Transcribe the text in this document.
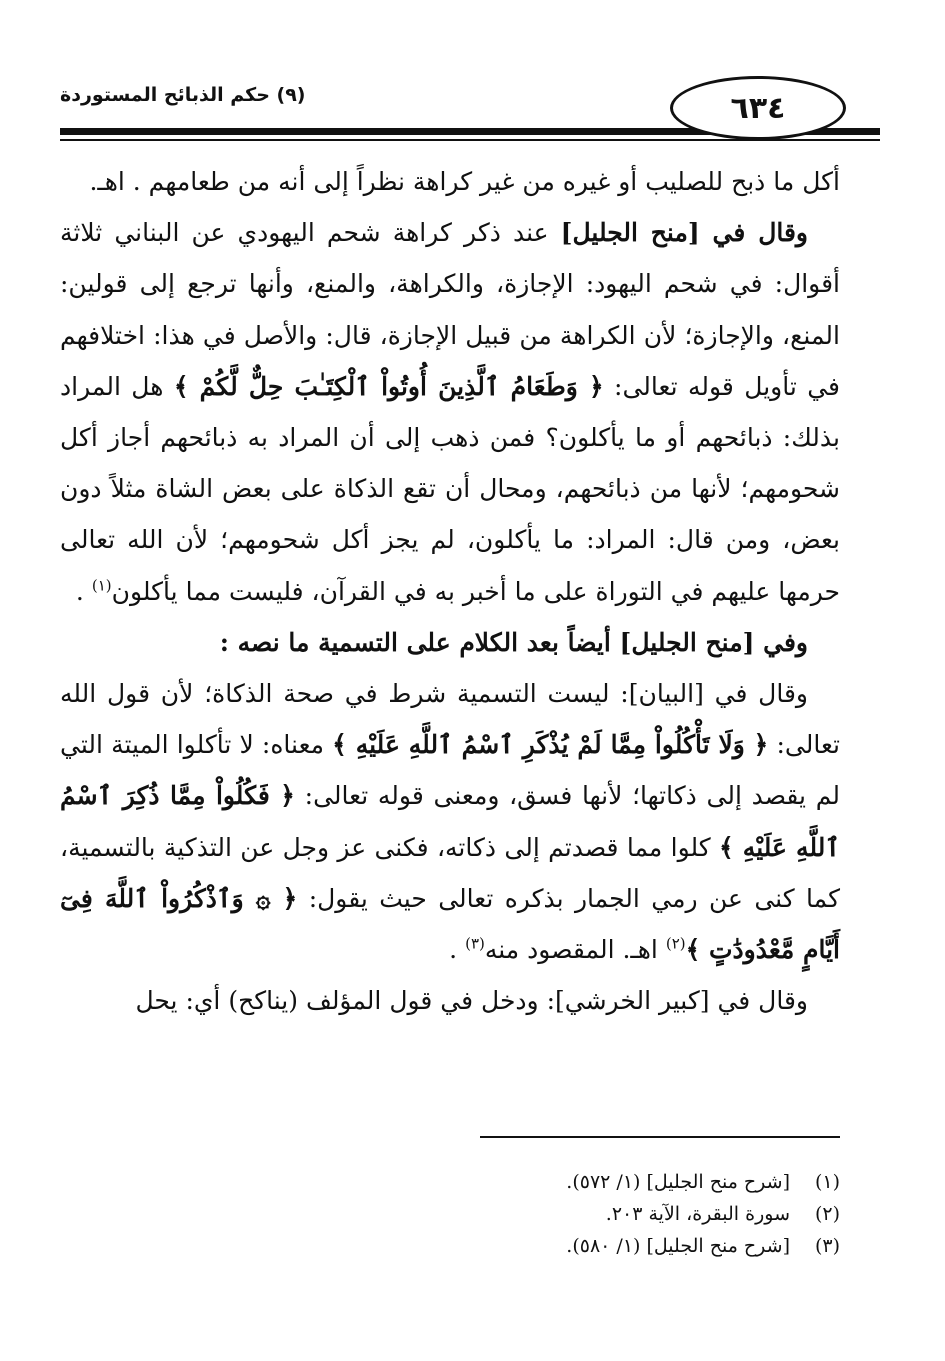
(٩) حكم الذبائح المستوردة	٦٣٤

أكل ما ذبح للصليب أو غيره من غير كراهة نظراً إلى أنه من طعامهم . اهـ.

وقال في [منح الجليل] عند ذكر كراهة شحم اليهودي عن البناني ثلاثة أقوال: في شحم اليهود: الإجازة، والكراهة، والمنع، وأنها ترجع إلى قولين: المنع، والإجازة؛ لأن الكراهة من قبيل الإجازة، قال: والأصل في هذا: اختلافهم في تأويل قوله تعالى: ﴿ وَطَعَامُ ٱلَّذِينَ أُوتُواْ ٱلْكِتَـٰبَ حِلٌّ لَّكُمْ ﴾ هل المراد بذلك: ذبائحهم أو ما يأكلون؟ فمن ذهب إلى أن المراد به ذبائحهم أجاز أكل شحومهم؛ لأنها من ذبائحهم، ومحال أن تقع الذكاة على بعض الشاة مثلاً دون بعض، ومن قال: المراد: ما يأكلون، لم يجز أكل شحومهم؛ لأن الله تعالى حرمها عليهم في التوراة على ما أخبر به في القرآن، فليست مما يأكلون$^{(١)}$ .

وفي [منح الجليل] أيضاً بعد الكلام على التسمية ما نصه :

وقال في [البيان]: ليست التسمية شرط في صحة الذكاة؛ لأن قول الله تعالى: ﴿ وَلَا تَأْكُلُواْ مِمَّا لَمْ يُذْكَرِ ٱسْمُ ٱللَّهِ عَلَيْهِ ﴾ معناه: لا تأكلوا الميتة التي لم يقصد إلى ذكاتها؛ لأنها فسق، ومعنى قوله تعالى: ﴿ فَكُلُواْ مِمَّا ذُكِرَ ٱسْمُ ٱللَّهِ عَلَيْهِ ﴾ كلوا مما قصدتم إلى ذكاته، فكنى عز وجل عن التذكية بالتسمية، كما كنى عن رمي الجمار بذكره تعالى حيث يقول: ﴿ ۞ وَٱذْكُرُواْ ٱللَّهَ فِىٓ أَيَّامٍ مَّعْدُودَٰتٍ ﴾$^{(٢)}$ اهـ. المقصود منه$^{(٣)}$ .

وقال في [كبير الخرشي]: ودخل في قول المؤلف (يناكح) أي: يحل

(١)
[شرح منح الجليل] (١/ ٥٧٢).
(٢)
سورة البقرة، الآية ٢٠٣.
(٣)
[شرح منح الجليل] (١/ ٥٨٠).
